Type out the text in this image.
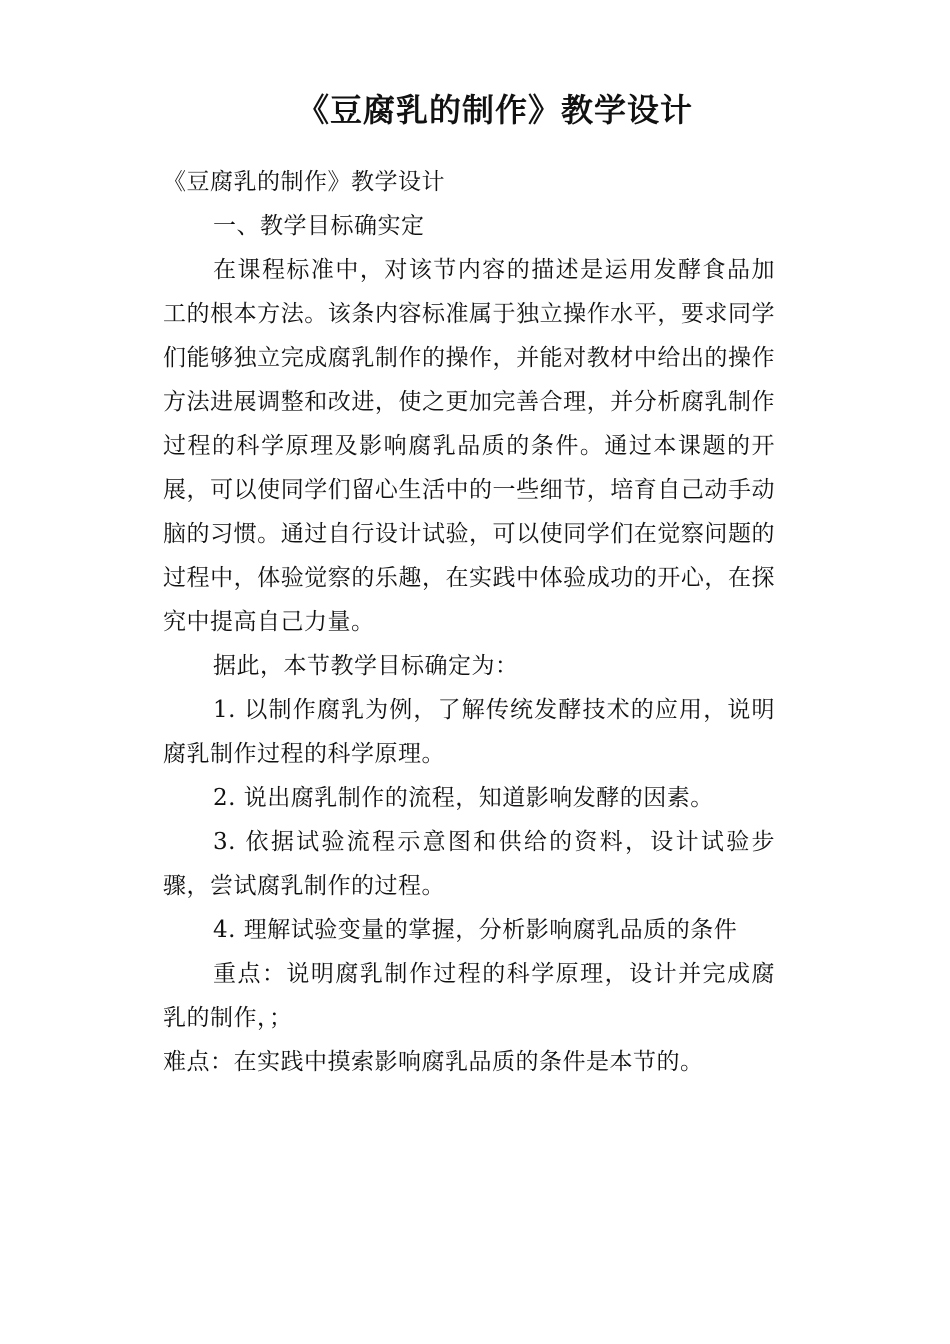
《豆腐乳的制作》教学设计

《豆腐乳的制作》教学设计

一、教学目标确实定

在课程标准中，对该节内容的描述是运用发酵食品加工的根本方法。该条内容标准属于独立操作水平，要求同学们能够独立完成腐乳制作的操作，并能对教材中给出的操作方法进展调整和改进，使之更加完善合理，并分析腐乳制作过程的科学原理及影响腐乳品质的条件。通过本课题的开展，可以使同学们留心生活中的一些细节，培育自己动手动脑的习惯。通过自行设计试验，可以使同学们在觉察问题的过程中，体验觉察的乐趣，在实践中体验成功的开心，在探究中提高自己力量。

据此，本节教学目标确定为：

1. 以制作腐乳为例，了解传统发酵技术的应用，说明腐乳制作过程的科学原理。

2. 说出腐乳制作的流程，知道影响发酵的因素。

3. 依据试验流程示意图和供给的资料，设计试验步骤，尝试腐乳制作的过程。

4. 理解试验变量的掌握，分析影响腐乳品质的条件

重点：说明腐乳制作过程的科学原理，设计并完成腐乳的制作，；

难点：在实践中摸索影响腐乳品质的条件是本节的。
